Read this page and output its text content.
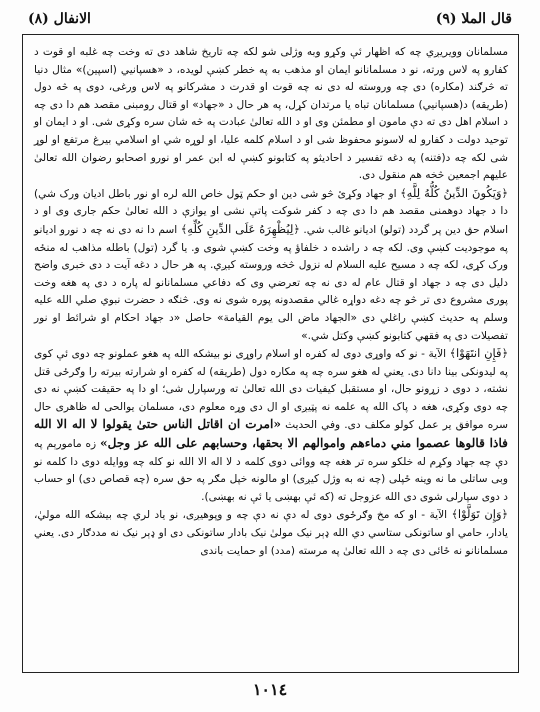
قال الملا (٩)
الانفال (٨)

مسلمانان وويريږي چه كه اظهار ئې وكړو وبه وژلی شو لكه چه تاريخ شاهد دی ته وخت چه غلبه او قوت د كفارو په لاس ورته، نو د مسلمانانو ايمان او مذهب به په خطر كښې لويده، د «هسپانيي (اسپين)» مثال دنيا ته څرګند (مكاره) دی چه وروسته له دی نه چه قوت او قدرت د مشركانو په لاس ورغی، دوی په څه دول (طريقه) د(هسپانيي) مسلمانان تباه يا مرتدان كړل، په هر حال د «جهاد» او قتال رومبنی مقصد هم دا دی چه د اسلام اهل دی ته دې مامون او مطمئن وی او د الله تعالیٰ عبادت په څه شان سره وكړی شی. او د ايمان او توحيد دولت د كفارو له لاسونو محفوظ شی او د اسلام كلمه عليا، او لوړه شي او اسلامي بيرغ مرتفع او لوړ شی لكه چه د(فتنه) په دغه تفسير د احاديثو په كتابونو كښې له ابن عمر او نورو اصحابو رضوان الله تعالیٰ عليهم اجمعين څخه هم منقول دی.

﴿وَيَكُونَ الدِّينُ كُلُّهُ لِلَّهِ﴾ او جهاد وكړئ څو شی دين او حكم ټول خاص الله لره او نور باطل اديان ورک شي) دا د جهاد دوهمنی مقصد هم دا دی چه د كفر شوكت پاتې نشی او يوازې د الله تعالیٰ حكم جاری وی او د اسلام حق دين پر گردد (تولو) اديانو غالب شي. ﴿لِيُظْهِرَهُ عَلَى الدِّينِ كُلِّهِ﴾ اسم دا نه دی نه چه د نورو اديانو په موجوديت كښې وی. لكه چه د راشده د خلفاؤ په وخت كښې شوی و. يا گرد (تول) باطله مذاهب له منځه ورک كړی، لكه چه د مسيح عليه السلام له نزول څخه وروسته كيږي. په هر حال د دغه آيت د دی خبری واضح دليل دی چه د جهاد او قتال عام له دی نه چه تعرضي وی كه دفاعي مسلمانانو له پاره د دی په هغه وخت پوری مشروع دی تر څو چه دغه دواړه غالي مقصدونه پوره شوی نه وی. څنګه د حضرت نبوي صلي الله عليه وسلم په حديث كښې راغلي دی «الجهاد ماض الى يوم القيامة» حاصل «د جهاد احكام او شرائط او نور تفصيلات دی په فقهي كتابونو كښې وكتل شي.»

﴿فَإِنِ انتَهَوْا﴾ الآية - نو كه واوړی دوی له كفره او اسلام راوړی نو بيشكه الله په هغو عملونو چه دوی ئې كوی په ليدونكی بينا دانا دی. يعني له هغو سره چه په مكاره دول (طريقه) له كفره او شرارته بيرته را وګرځی قتل نشته، د دوی د زړونو حال، او مستقبل كيفيات دی الله تعالیٰ ته ورسپارل شی؛ او دا په حقيقت كښې نه دی چه دوی وكړی، هغه د پاک الله په علمه نه پټيږی او ال دی وړه معلوم دی، مسلمان يوالحی له ظاهری حال سره موافق ير عمل كولو مكلف دی. وفي الحديث «امرت ان اقاتل الناس حتیٰ يقولوا لا اله الا الله فاذا قالوها عصموا مني دماءهم واموالهم الا بحقها، وحسابهم على الله عز وجل» زه مامورېم په دې چه جهاد وكړم له خلكو سره تر هغه چه ووائی دوی كلمه د لا اله الا الله نو كله چه ووايله دوی دا كلمه نو وبی ساتلی ما نه وينه ځپلی (چه نه به وژل كيږی) او مالونه خپل مګر په حق سره (چه قصاص دی) او حساب د دوی سپارلی شوی دی الله عزوجل ته (كه ئې بهښی يا ئې نه بهښی).

﴿وَإِن تَوَلَّوْا﴾ الآية - او كه مخ وګرځوی دوی له دې نه دې چه و وپوهيږی، نو ياد لري چه بيشكه الله موليٰ، يادار، حامي او ساتونكی ستاسي دي الله ډېر نيک مولیٰ نيک بادار ساتونكی دی او ډېر نيک نه مددګار دی. يعني مسلمانانو نه ځائی دی چه د الله تعالیٰ په مرسته (مدد) او حمايت باندی

١٠١٤
